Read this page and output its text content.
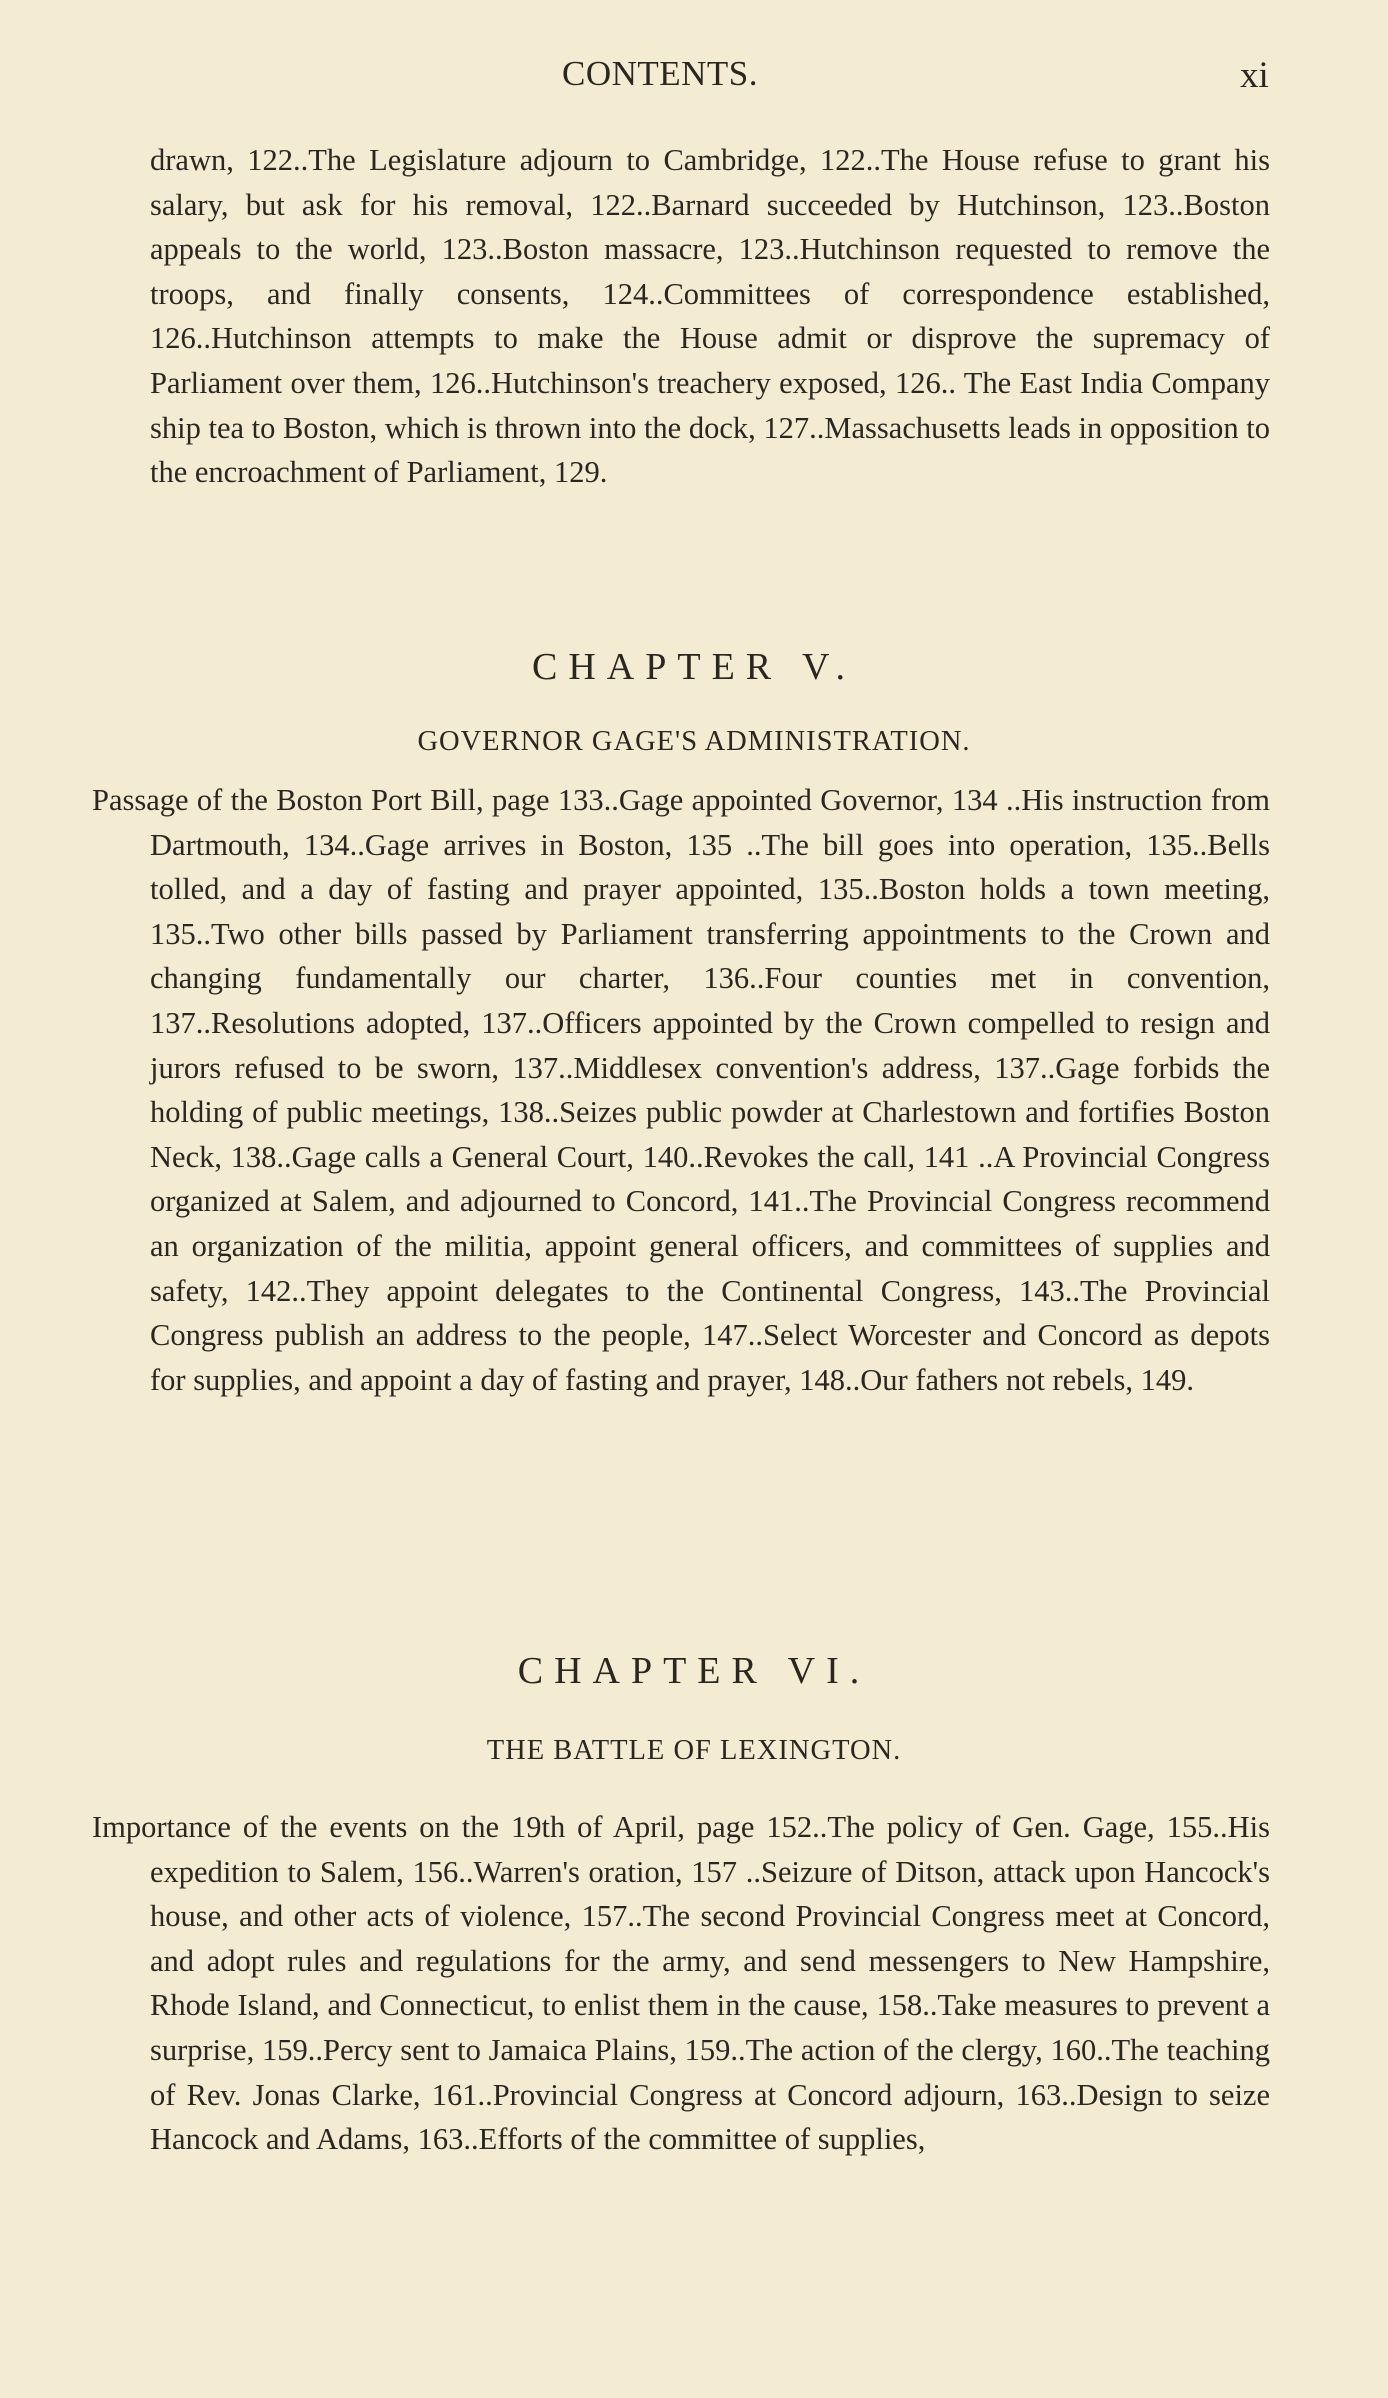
CONTENTS.	xi

drawn, 122..The Legislature adjourn to Cambridge, 122..The House refuse to grant his salary, but ask for his removal, 122..Barnard succeeded by Hutchinson, 123..Boston appeals to the world, 123..Boston massacre, 123..Hutchinson requested to remove the troops, and finally consents, 124..Committees of correspondence established, 126..Hutchinson attempts to make the House admit or disprove the supremacy of Parliament over them, 126..Hutchinson's treachery exposed, 126.. The East India Company ship tea to Boston, which is thrown into the dock, 127..Massachusetts leads in opposition to the encroachment of Parliament, 129.

CHAPTER V.
GOVERNOR GAGE'S ADMINISTRATION.

Passage of the Boston Port Bill, page 133..Gage appointed Governor, 134 ..His instruction from Dartmouth, 134..Gage arrives in Boston, 135 ..The bill goes into operation, 135..Bells tolled, and a day of fasting and prayer appointed, 135..Boston holds a town meeting, 135..Two other bills passed by Parliament transferring appointments to the Crown and changing fundamentally our charter, 136..Four counties met in convention, 137..Resolutions adopted, 137..Officers appointed by the Crown compelled to resign and jurors refused to be sworn, 137..Middlesex convention's address, 137..Gage forbids the holding of public meetings, 138..Seizes public powder at Charlestown and fortifies Boston Neck, 138..Gage calls a General Court, 140..Revokes the call, 141 ..A Provincial Congress organized at Salem, and adjourned to Concord, 141..The Provincial Congress recommend an organization of the militia, appoint general officers, and committees of supplies and safety, 142..They appoint delegates to the Continental Congress, 143..The Provincial Congress publish an address to the people, 147..Select Worcester and Concord as depots for supplies, and appoint a day of fasting and prayer, 148..Our fathers not rebels, 149.

CHAPTER VI.
THE BATTLE OF LEXINGTON.

Importance of the events on the 19th of April, page 152..The policy of Gen. Gage, 155..His expedition to Salem, 156..Warren's oration, 157 ..Seizure of Ditson, attack upon Hancock's house, and other acts of violence, 157..The second Provincial Congress meet at Concord, and adopt rules and regulations for the army, and send messengers to New Hampshire, Rhode Island, and Connecticut, to enlist them in the cause, 158..Take measures to prevent a surprise, 159..Percy sent to Jamaica Plains, 159..The action of the clergy, 160..The teaching of Rev. Jonas Clarke, 161..Provincial Congress at Concord adjourn, 163..Design to seize Hancock and Adams, 163..Efforts of the committee of supplies,
